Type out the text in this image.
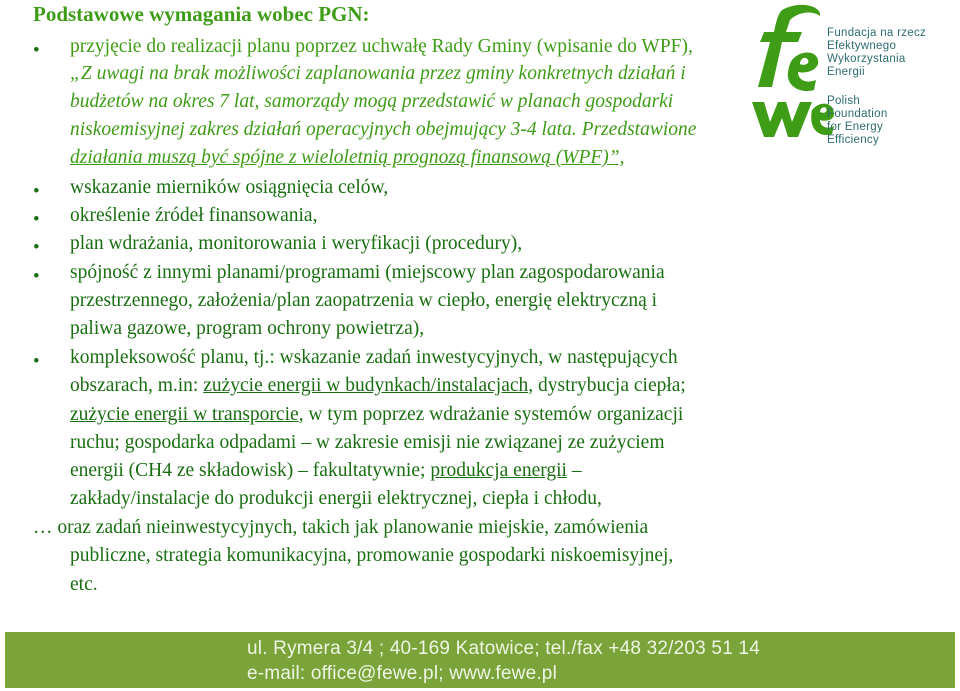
Podstawowe wymagania wobec PGN:
Fundacja na rzecz
Efektywnego
Wykorzystania
Energii
Polish
Foundation
for Energy
Efficiency
• przyjęcie do realizacji planu poprzez uchwałę Rady Gminy (wpisanie do WPF),
„Z uwagi na brak możliwości zaplanowania przez gminy konkretnych działań i
budżetów na okres 7 lat, samorządy mogą przedstawić w planach gospodarki
niskoemisyjnej zakres działań operacyjnych obejmujący 3-4 lata. Przedstawione
działania muszą być spójne z wieloletnią prognozą finansową (WPF)”,
• wskazanie mierników osiągnięcia celów,
• określenie źródeł finansowania,
• plan wdrażania, monitorowania i weryfikacji (procedury),
• spójność z innymi planami/programami (miejscowy plan zagospodarowania
przestrzennego, założenia/plan zaopatrzenia w ciepło, energię elektryczną i
paliwa gazowe, program ochrony powietrza),
• kompleksowość planu, tj.: wskazanie zadań inwestycyjnych, w następujących
obszarach, m.in: zużycie energii w budynkach/instalacjach, dystrybucja ciepła;
zużycie energii w transporcie, w tym poprzez wdrażanie systemów organizacji
ruchu; gospodarka odpadami – w zakresie emisji nie związanej ze zużyciem
energii (CH4 ze składowisk) – fakultatywnie; produkcja energii –
zakłady/instalacje do produkcji energii elektrycznej, ciepła i chłodu,
… oraz zadań nieinwestycyjnych, takich jak planowanie miejskie, zamówienia
publiczne, strategia komunikacyjna, promowanie gospodarki niskoemisyjnej,
etc.
ul. Rymera 3/4 ; 40-169 Katowice; tel./fax +48 32/203 51 14
e-mail: office@fewe.pl; www.fewe.pl
